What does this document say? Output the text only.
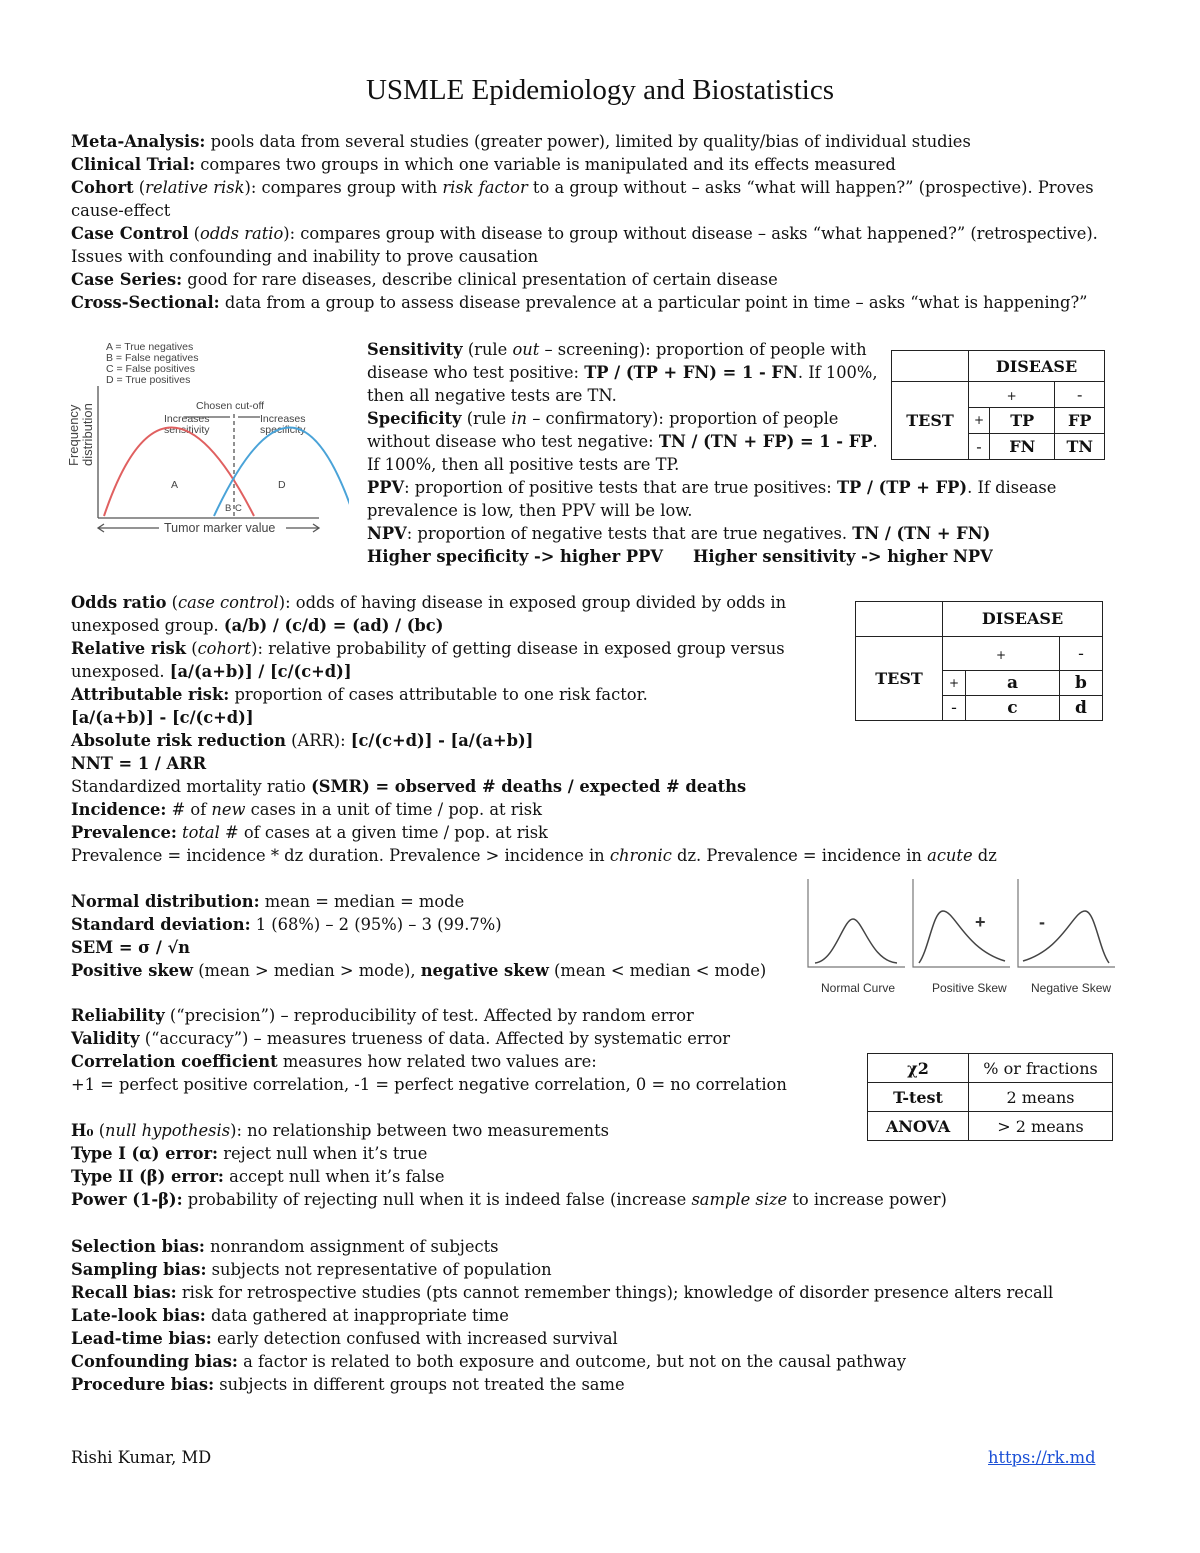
USMLE Epidemiology and Biostatistics

Meta-Analysis: pools data from several studies (greater power), limited by quality/bias of individual studies

Clinical Trial: compares two groups in which one variable is manipulated and its effects measured

Cohort (relative risk): compares group with risk factor to a group without – asks “what will happen?” (prospective). Proves

cause-effect

Case Control (odds ratio): compares group with disease to group without disease – asks “what happened?” (retrospective).

Issues with confounding and inability to prove causation

Case Series: good for rare diseases, describe clinical presentation of certain disease

Cross-Sectional: data from a group to assess disease prevalence at a particular point in time – asks “what is happening?”

A = True negatives
B = False negatives
C = False positives
D = True positives
Chosen cut-off
Increases
sensitivity
Increases
specificity
Tumor marker value
Frequency distribution
A
B C
D

Sensitivity (rule out – screening): proportion of people with

disease who test positive: TP / (TP + FN) = 1 - FN. If 100%,

then all negative tests are TN.

Specificity (rule in – confirmatory): proportion of people

without disease who test negative: TN / (TN + FP) = 1 - FP.

If 100%, then all positive tests are TP.

PPV: proportion of positive tests that are true positives: TP / (TP + FP). If disease

prevalence is low, then PPV will be low.

NPV: proportion of negative tests that are true negatives. TN / (TN + FN)

Higher specificity -> higher PPV Higher sensitivity -> higher NPV

	DISEASE	
TEST	+	-

	+ TP	FP

	- FN	TN

Odds ratio (case control): odds of having disease in exposed group divided by odds in

unexposed group. (a/b) / (c/d) = (ad) / (bc)

Relative risk (cohort): relative probability of getting disease in exposed group versus

unexposed. [a/(a+b)] / [c/(c+d)]

Attributable risk: proportion of cases attributable to one risk factor.

[a/(a+b)] - [c/(c+d)]

Absolute risk reduction (ARR): [c/(c+d)] - [a/(a+b)]

NNT = 1 / ARR

Standardized mortality ratio (SMR) = observed # deaths / expected # deaths

Incidence: # of new cases in a unit of time / pop. at risk

Prevalence: total # of cases at a given time / pop. at risk

Prevalence = incidence * dz duration. Prevalence > incidence in chronic dz. Prevalence = incidence in acute dz

	DISEASE	
TEST	+	-

	+ a	b

	- c	d

Normal distribution: mean = median = mode

Standard deviation: 1 (68%) – 2 (95%) – 3 (99.7%)

SEM = σ / √n

Positive skew (mean > median > mode), negative skew (mean < median < mode)

Normal Curve	Positive Skew Negative Skew
+	-

Reliability (“precision”) – reproducibility of test. Affected by random error

Validity (“accuracy”) – measures trueness of data. Affected by systematic error

Correlation coefficient measures how related two values are:

+1 = perfect positive correlation, -1 = perfect negative correlation, 0 = no correlation

χ2	% or fractions
T-test	2 means
ANOVA	> 2 means

H₀ (null hypothesis): no relationship between two measurements

Type I (α) error: reject null when it’s true

Type II (β) error: accept null when it’s false

Power (1-β): probability of rejecting null when it is indeed false (increase sample size to increase power)

Selection bias: nonrandom assignment of subjects

Sampling bias: subjects not representative of population

Recall bias: risk for retrospective studies (pts cannot remember things); knowledge of disorder presence alters recall

Late-look bias: data gathered at inappropriate time

Lead-time bias: early detection confused with increased survival

Confounding bias: a factor is related to both exposure and outcome, but not on the causal pathway

Procedure bias: subjects in different groups not treated the same

Rishi Kumar, MD	https://rk.md
